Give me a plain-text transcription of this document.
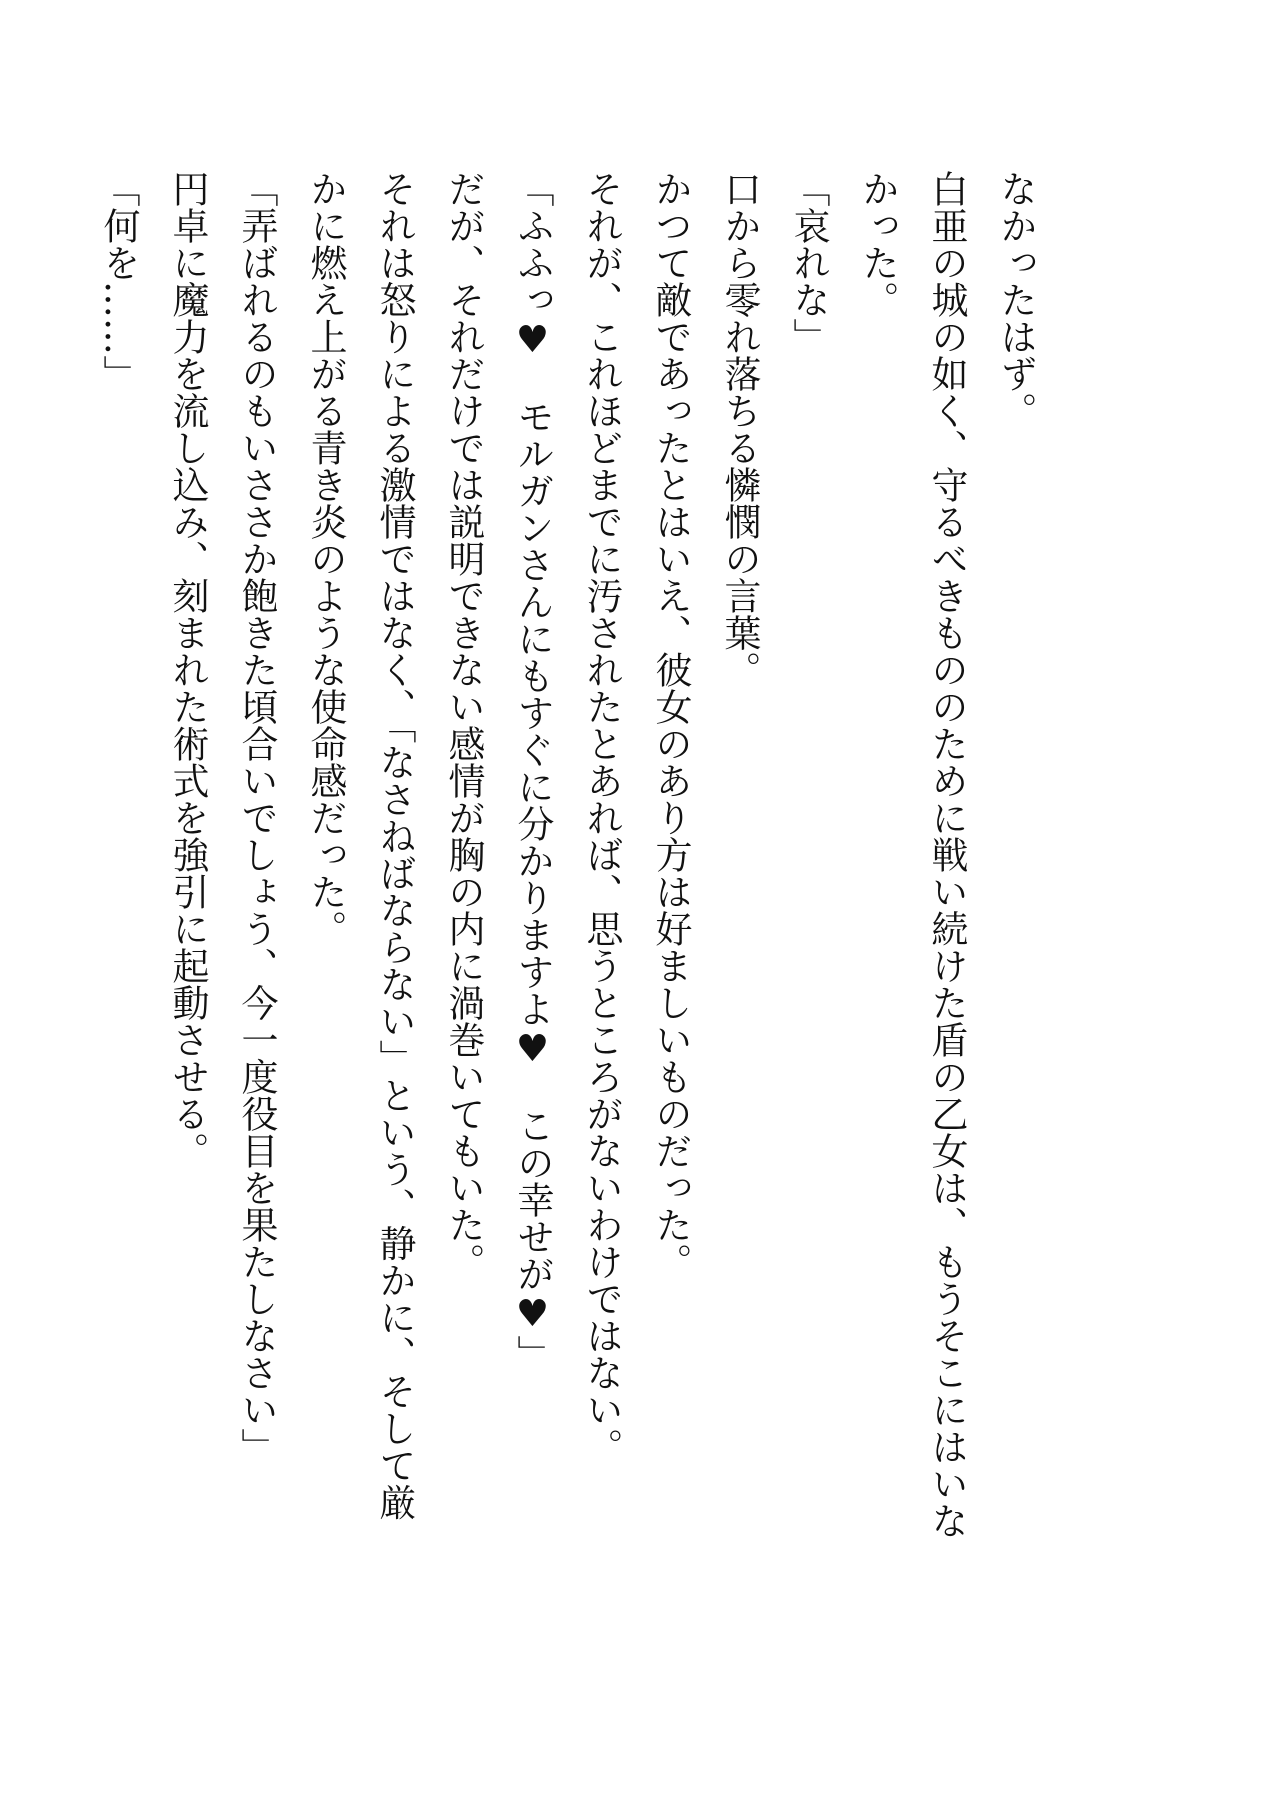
なかったはず。
白亜の城の如く、守るべきもののために戦い続けた盾の乙女は、もうそこにはいな
かった。
「哀れな」
口から零れ落ちる憐憫の言葉。
かつて敵であったとはいえ、彼女のあり方は好ましいものだった。
それが、これほどまでに汚されたとあれば、思うところがないわけではない。
「ふふっ♥　モルガンさんにもすぐに分かりますよ♥　この幸せが♥」
だが、それだけでは説明できない感情が胸の内に渦巻いてもいた。
それは怒りによる激情ではなく、「なさねばならない」という、静かに、そして厳
かに燃え上がる青き炎のような使命感だった。
「弄ばれるのもいささか飽きた頃合いでしょう、今一度役目を果たしなさい」
円卓に魔力を流し込み、刻まれた術式を強引に起動させる。
「何を……」
